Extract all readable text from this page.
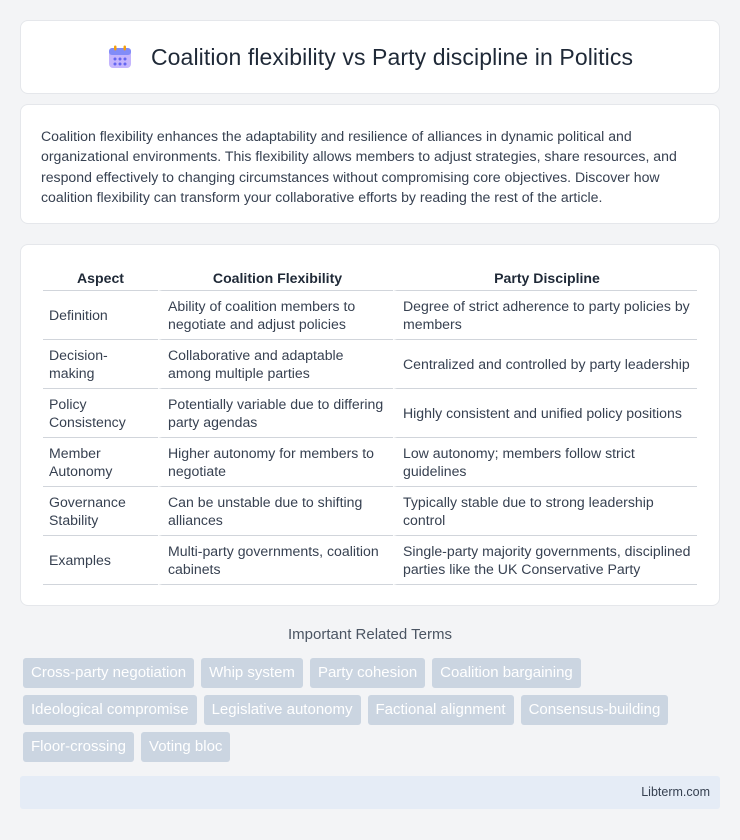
Coalition flexibility vs Party discipline in Politics

Coalition flexibility enhances the adaptability and resilience of alliances in dynamic political and organizational environments. This flexibility allows members to adjust strategies, share resources, and respond effectively to changing circumstances without compromising core objectives. Discover how coalition flexibility can transform your collaborative efforts by reading the rest of the article.

Aspect	Coalition Flexibility	Party Discipline
Definition	Ability of coalition members to negotiate and adjust policies	Degree of strict adherence to party policies by members
Decision-making	Collaborative and adaptable among multiple parties	Centralized and controlled by party leadership
Policy Consistency	Potentially variable due to differing party agendas	Highly consistent and unified policy positions
Member Autonomy	Higher autonomy for members to negotiate	Low autonomy; members follow strict guidelines
Governance Stability	Can be unstable due to shifting alliances	Typically stable due to strong leadership control
Examples	Multi-party governments, coalition cabinets	Single-party majority governments, disciplined parties like the UK Conservative Party
Important Related Terms
Cross-party negotiation	Whip system	Party cohesion	Coalition bargaining
Ideological compromise	Legislative autonomy	Factional alignment	Consensus-building
Floor-crossing	Voting bloc
Libterm.com
